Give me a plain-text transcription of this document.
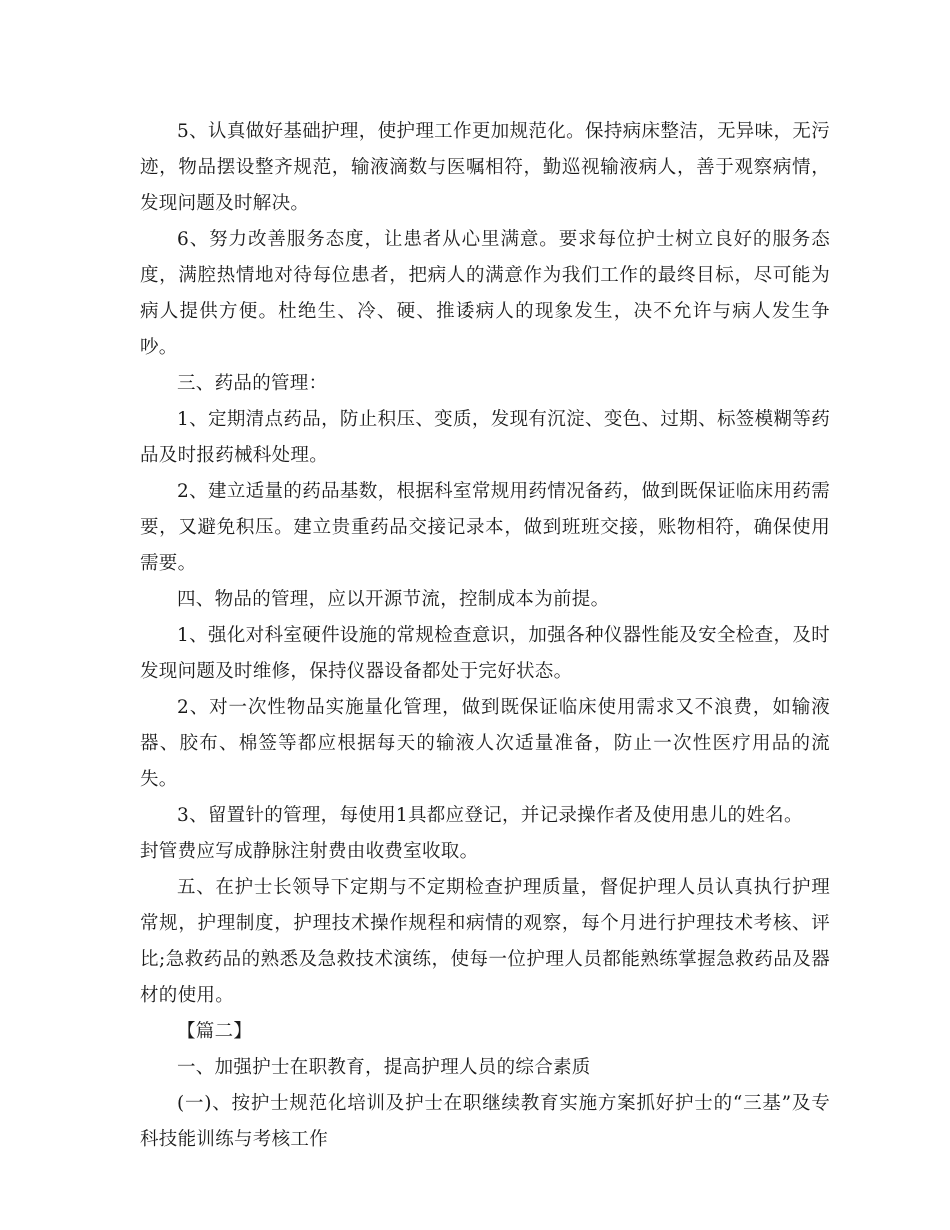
5、认真做好基础护理，使护理工作更加规范化。保持病床整洁，无异味，无污迹，物品摆设整齐规范，输液滴数与医嘱相符，勤巡视输液病人，善于观察病情，发现问题及时解决。

6、努力改善服务态度，让患者从心里满意。要求每位护士树立良好的服务态度，满腔热情地对待每位患者，把病人的满意作为我们工作的最终目标，尽可能为病人提供方便。杜绝生、冷、硬、推诿病人的现象发生，决不允许与病人发生争吵。

三、药品的管理：

1、定期清点药品，防止积压、变质，发现有沉淀、变色、过期、标签模糊等药品及时报药械科处理。

2、建立适量的药品基数，根据科室常规用药情况备药，做到既保证临床用药需要，又避免积压。建立贵重药品交接记录本，做到班班交接，账物相符，确保使用需要。

四、物品的管理，应以开源节流，控制成本为前提。

1、强化对科室硬件设施的常规检查意识，加强各种仪器性能及安全检查，及时发现问题及时维修，保持仪器设备都处于完好状态。

2、对一次性物品实施量化管理，做到既保证临床使用需求又不浪费，如输液器、胶布、棉签等都应根据每天的输液人次适量准备，防止一次性医疗用品的流失。

3、留置针的管理，每使用1具都应登记，并记录操作者及使用患儿的姓名。

封管费应写成静脉注射费由收费室收取。

五、在护士长领导下定期与不定期检查护理质量，督促护理人员认真执行护理常规，护理制度，护理技术操作规程和病情的观察，每个月进行护理技术考核、评比;急救药品的熟悉及急救技术演练，使每一位护理人员都能熟练掌握急救药品及器材的使用。

【篇二】

一、加强护士在职教育，提高护理人员的综合素质

(一)、按护士规范化培训及护士在职继续教育实施方案抓好护士的“三基”及专科技能训练与考核工作
